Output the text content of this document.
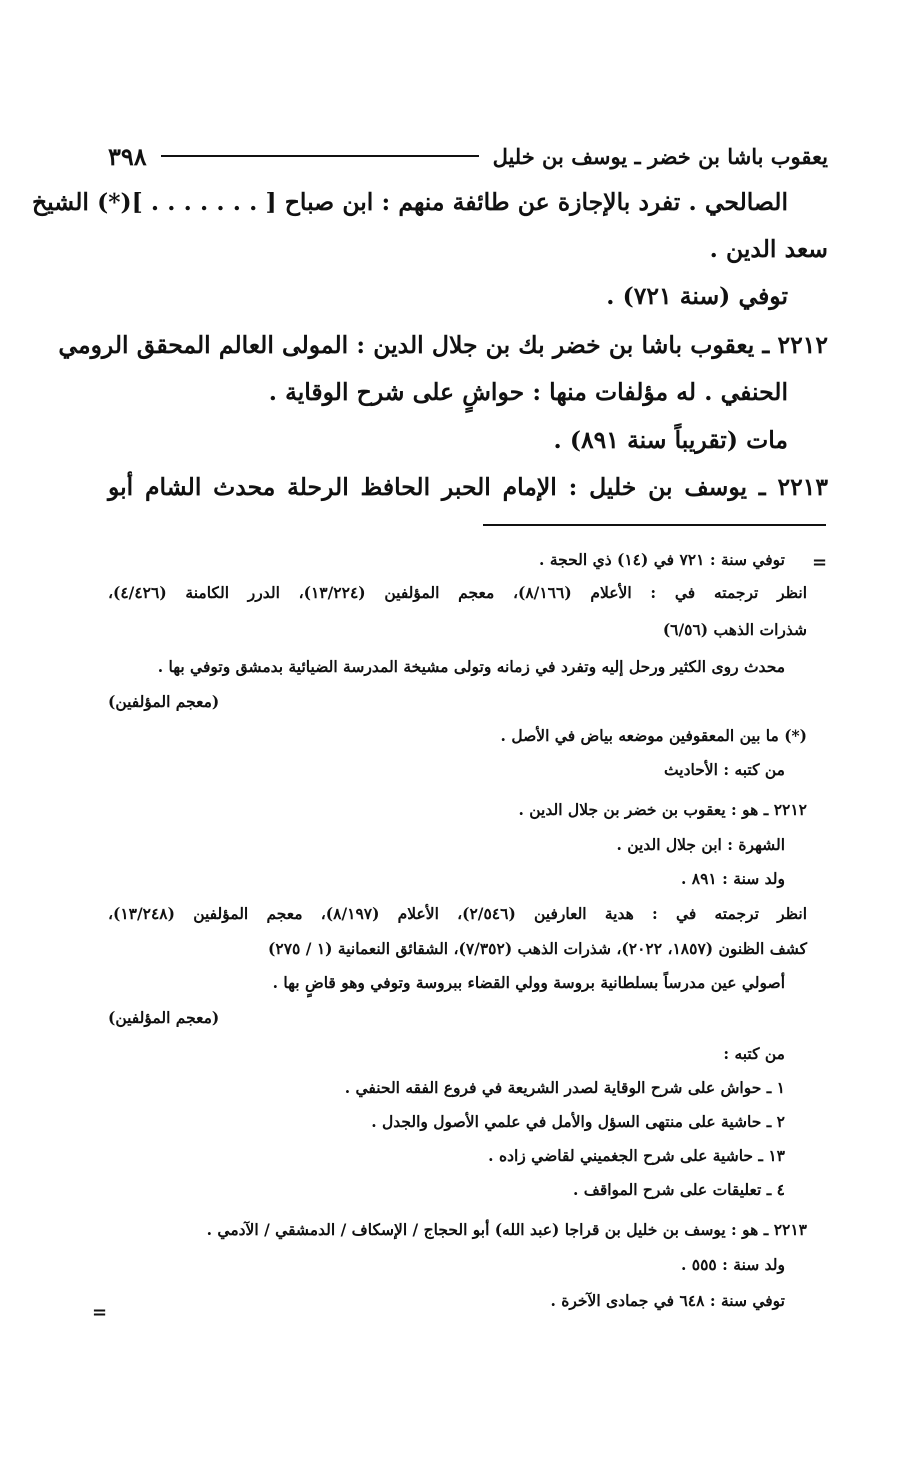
يعقوب باشا بن خضر ـ يوسف بن خليل
٣٩٨
الصالحي . تفرد بالإجازة عن طائفة منهم : ابن صباح [ . . . . . . . ](*) الشيخ
سعد الدين .
توفي (سنة ٧٢١) .
٢٢١٢ ـ يعقوب باشا بن خضر بك بن جلال الدين : المولى العالم المحقق الرومي
الحنفي . له مؤلفات منها : حواشٍ على شرح الوقاية .
مات (تقريباً سنة ٨٩١) .
٢٢١٣ ـ يوسف بن خليل : الإمام الحبر الحافظ الرحلة محدث الشام أبو
=
توفي سنة : ٧٢١ في (١٤) ذي الحجة .
انظر ترجمته في : الأعلام (٨/١٦٦)، معجم المؤلفين (١٣/٢٢٤)، الدرر الكامنة (٤/٤٢٦)،
شذرات الذهب (٦/٥٦)
محدث روى الكثير ورحل إليه وتفرد في زمانه وتولى مشيخة المدرسة الضيائية بدمشق وتوفي بها .
(معجم المؤلفين)
(*) ما بين المعقوفين موضعه بياض في الأصل .
من كتبه : الأحاديث
٢٢١٢ ـ هو : يعقوب بن خضر بن جلال الدين .
الشهرة : ابن جلال الدين .
ولد سنة : ٨٩١ .
انظر ترجمته في : هدية العارفين (٢/٥٤٦)، الأعلام (٨/١٩٧)، معجم المؤلفين (١٣/٢٤٨)،
كشف الظنون (١٨٥٧، ٢٠٢٢)، شذرات الذهب (٧/٣٥٢)، الشقائق النعمانية (١ / ٢٧٥)
أصولي عين مدرساً بسلطانية بروسة وولي القضاء ببروسة وتوفي وهو قاضٍ بها .
(معجم المؤلفين)
من كتبه :
١ ـ حواش على شرح الوقاية لصدر الشريعة في فروع الفقه الحنفي .
٢ ـ حاشية على منتهى السؤل والأمل في علمي الأصول والجدل .
١٣ ـ حاشية على شرح الجغميني لقاضي زاده .
٤ ـ تعليقات على شرح المواقف .
٢٢١٣ ـ هو : يوسف بن خليل بن قراجا (عبد الله) أبو الحجاج / الإسكاف / الدمشقي / الآدمي .
ولد سنة : ٥٥٥ .
توفي سنة : ٦٤٨ في جمادى الآخرة .
=
